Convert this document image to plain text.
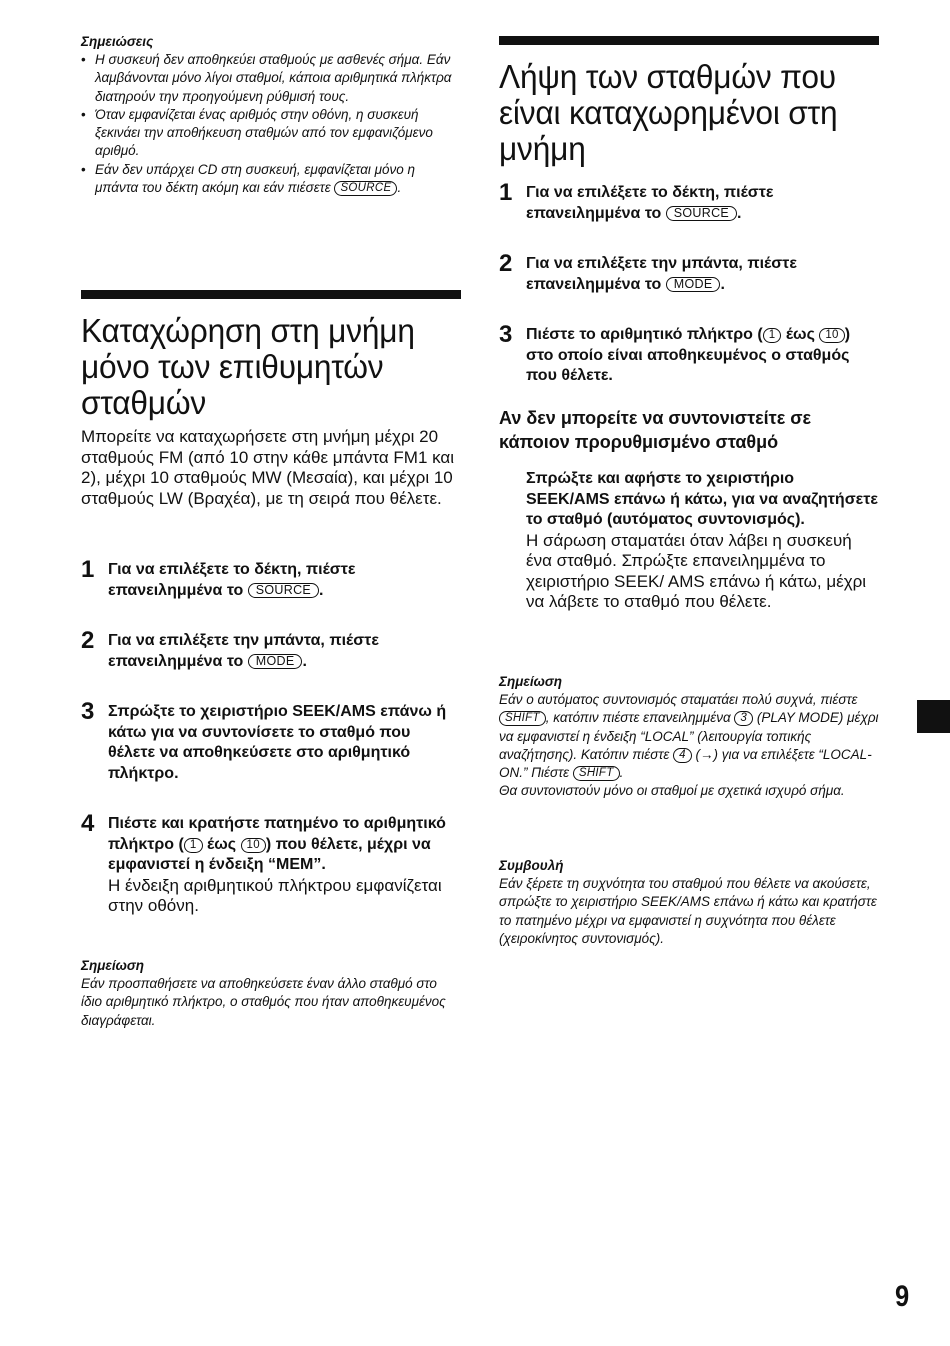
Σημειώσεις
• Η συσκευή δεν αποθηκεύει σταθμούς με ασθενές σήμα. Εάν λαμβάνονται μόνο λίγοι σταθμοί, κάποια αριθμητικά πλήκτρα διατηρούν την προηγούμενη ρύθμισή τους.
• Όταν εμφανίζεται ένας αριθμός στην οθόνη, η συσκευή ξεκινάει την αποθήκευση σταθμών από τον εμφανιζόμενο αριθμό.
• Εάν δεν υπάρχει CD στη συσκευή, εμφανίζεται μόνο η μπάντα του δέκτη ακόμη και εάν πιέσετε SOURCE .
Καταχώρηση στη μνήμη μόνο των επιθυμητών σταθμών
Μπορείτε να καταχωρήσετε στη μνήμη μέχρι 20 σταθμούς FM (από 10 στην κάθε μπάντα FM1 και 2), μέχρι 10 σταθμούς MW (Μεσαία), και μέχρι 10 σταθμούς LW (Βραχέα), με τη σειρά που θέλετε.
1 Για να επιλέξετε το δέκτη, πιέστε επανειλημμένα το SOURCE .
2 Για να επιλέξετε την μπάντα, πιέστε επανειλημμένα το MODE .
3 Σπρώξτε το χειριστήριο SEEK/AMS επάνω ή κάτω για να συντονίσετε το σταθμό που θέλετε να αποθηκεύσετε στο αριθμητικό πλήκτρο.
4 Πιέστε και κρατήστε πατημένο το αριθμητικό πλήκτρο ( 1 έως 10 ) που θέλετε, μέχρι να εμφανιστεί η ένδειξη “MEM”.
Η ένδειξη αριθμητικού πλήκτρου εμφανίζεται στην οθόνη.
Σημείωση
Εάν προσπαθήσετε να αποθηκεύσετε έναν άλλο σταθμό στο ίδιο αριθμητικό πλήκτρο, ο σταθμός που ήταν αποθηκευμένος διαγράφεται.
Λήψη των σταθμών που είναι καταχωρημένοι στη μνήμη
1 Για να επιλέξετε το δέκτη, πιέστε επανειλημμένα το SOURCE .
2 Για να επιλέξετε την μπάντα, πιέστε επανειλημμένα το MODE .
3 Πιέστε το αριθμητικό πλήκτρο ( 1 έως 10 ) στο οποίο είναι αποθηκευμένος ο σταθμός που θέλετε.
Αν δεν μπορείτε να συντονιστείτε σε κάποιον προρυθμισμένο σταθμό
Σπρώξτε και αφήστε το χειριστήριο SEEK/AMS επάνω ή κάτω, για να αναζητήσετε το σταθμό (αυτόματος συντονισμός).
Η σάρωση σταματάει όταν λάβει η συσκευή ένα σταθμό. Σπρώξτε επανειλημμένα το χειριστήριο SEEK/ AMS επάνω ή κάτω, μέχρι να λάβετε το σταθμό που θέλετε.
Σημείωση
Εάν ο αυτόματος συντονισμός σταματάει πολύ συχνά, πιέστε SHIFT , κατόπιν πιέστε επανειλημμένα 3 (PLAY MODE) μέχρι να εμφανιστεί η ένδειξη “LOCAL” (λειτουργία τοπικής αναζήτησης). Κατόπιν πιέστε 4 (→) για να επιλέξετε “LOCAL-ON.” Πιέστε SHIFT .
Θα συντονιστούν μόνο οι σταθμοί με σχετικά ισχυρό σήμα.
Συμβουλή
Εάν ξέρετε τη συχνότητα του σταθμού που θέλετε να ακούσετε, σπρώξτε το χειριστήριο SEEK/AMS επάνω ή κάτω και κρατήστε το πατημένο μέχρι να εμφανιστεί η συχνότητα που θέλετε (χειροκίνητος συντονισμός).
9
